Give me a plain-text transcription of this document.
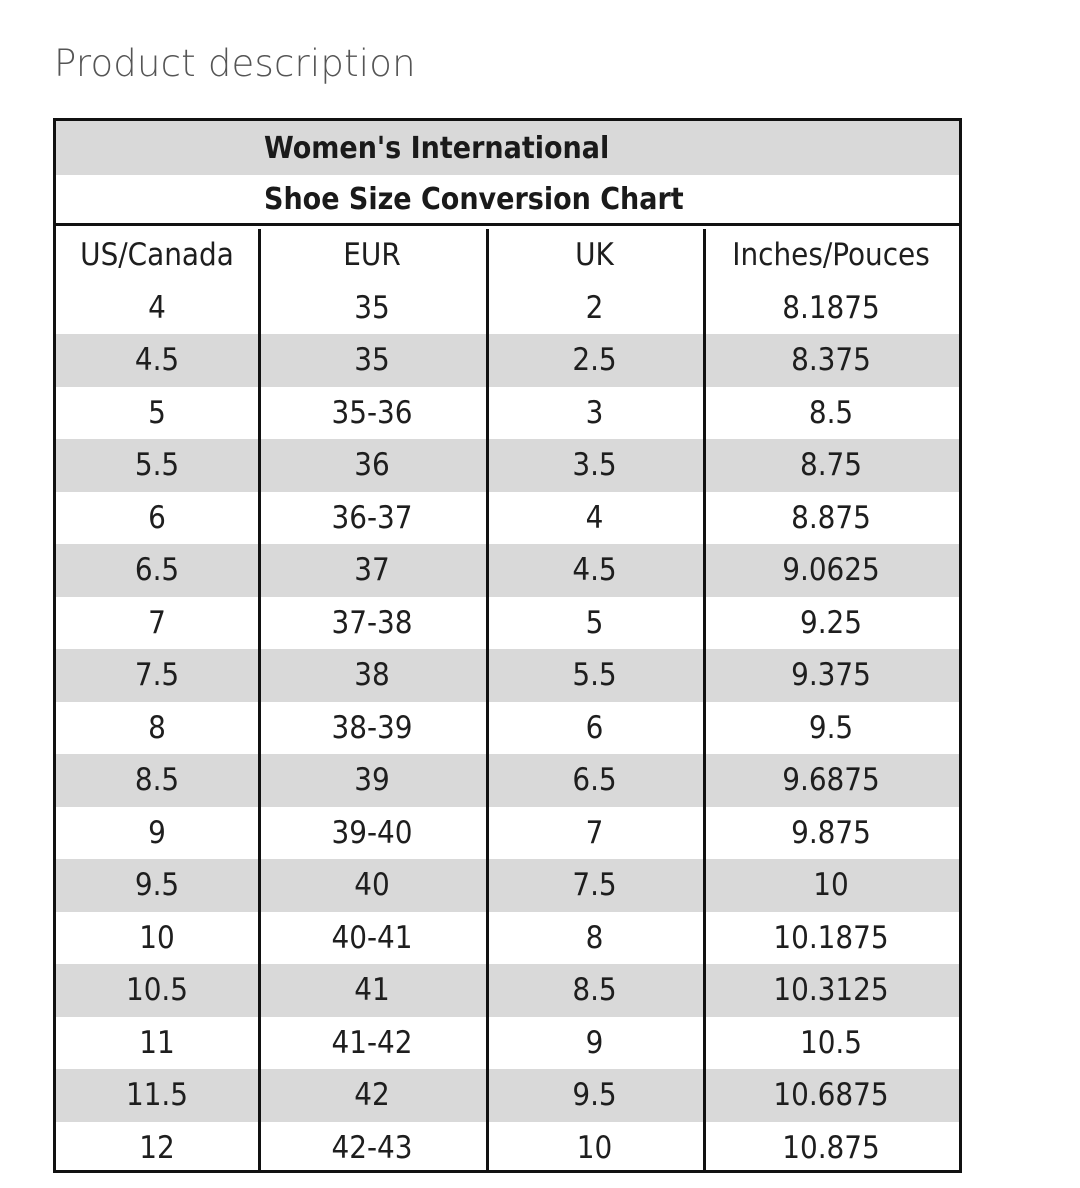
Product description
Women's International
Shoe Size Conversion Chart
US/Canada	EUR	UK	Inches/Pouces
4	35	2	8.1875
4.5	35	2.5	8.375
5	35-36	3	8.5
5.5	36	3.5	8.75
6	36-37	4	8.875
6.5	37	4.5	9.0625
7	37-38	5	9.25
7.5	38	5.5	9.375
8	38-39	6	9.5
8.5	39	6.5	9.6875
9	39-40	7	9.875
9.5	40	7.5	10
10	40-41	8	10.1875
10.5	41	8.5	10.3125
11	41-42	9	10.5
11.5	42	9.5	10.6875
12	42-43	10	10.875
